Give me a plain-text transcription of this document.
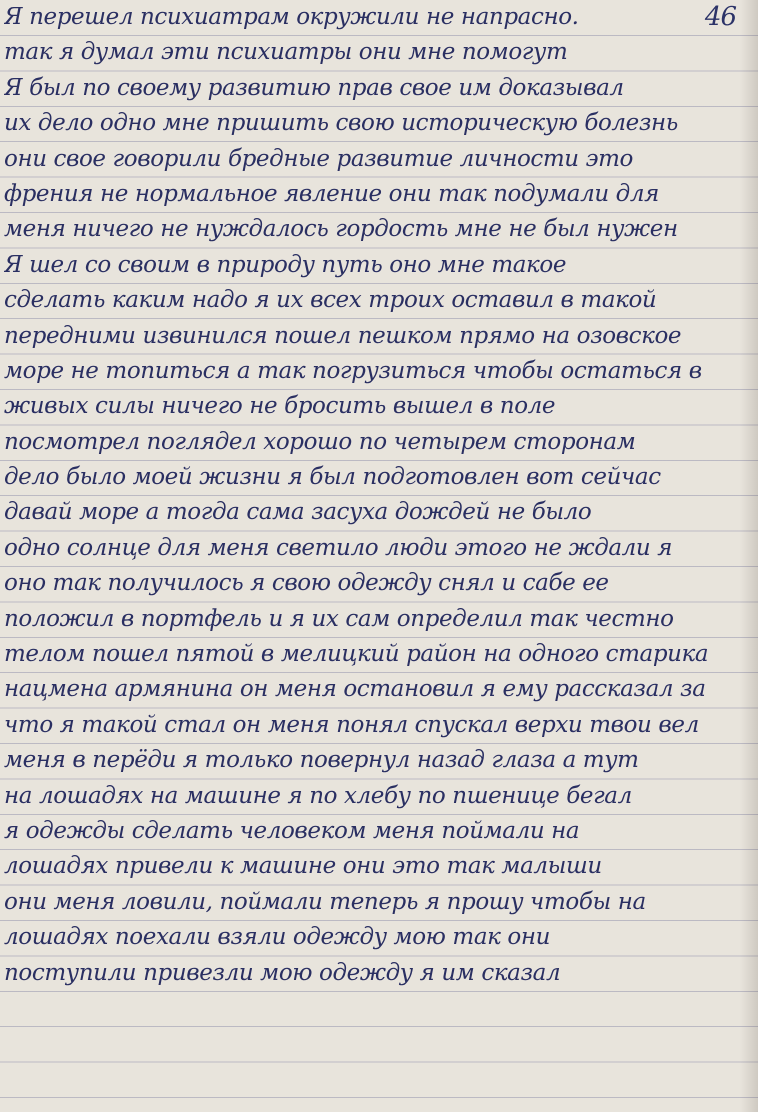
46
Я перешел психиатрам окружили не напрасно.
так я думал эти психиатры они мне помогут
Я был по своему развитию прав свое им доказывал
их дело одно мне пришить свою историческую болезнь
они свое говорили бредные развитие личности это
френия не нормальное явление они так подумали для
меня ничего не нуждалось гордость мне не был нужен
Я шел со своим в природу путь оно мне такое
сделать каким надо я их всех троих оставил в такой
передними извинился пошел пешком прямо на озовское
море не топиться а так погрузиться чтобы остаться в
живых силы ничего не бросить вышел в поле
посмотрел поглядел хорошо по четырем сторонам
дело было моей жизни я был подготовлен вот сейчас
давай море а тогда сама засуха дождей не было
одно солнце для меня светило люди этого не ждали я
оно так получилось я свою одежду снял и сабе ее
положил в портфель и я их сам определил так честно
телом пошел пятой в мелицкий район на одного старика
нацмена армянина он меня остановил я ему рассказал за
что я такой стал он меня понял спускал верхи твои вел
меня в перёди я только повернул назад глаза а тут
на лошадях на машине я по хлебу по пшенице бегал
я одежды сделать человеком меня поймали на
лошадях привели к машине они это так малыши
они меня ловили, поймали теперь я прошу чтобы на
лошадях поехали взяли одежду мою так они
поступили привезли мою одежду я им сказал
